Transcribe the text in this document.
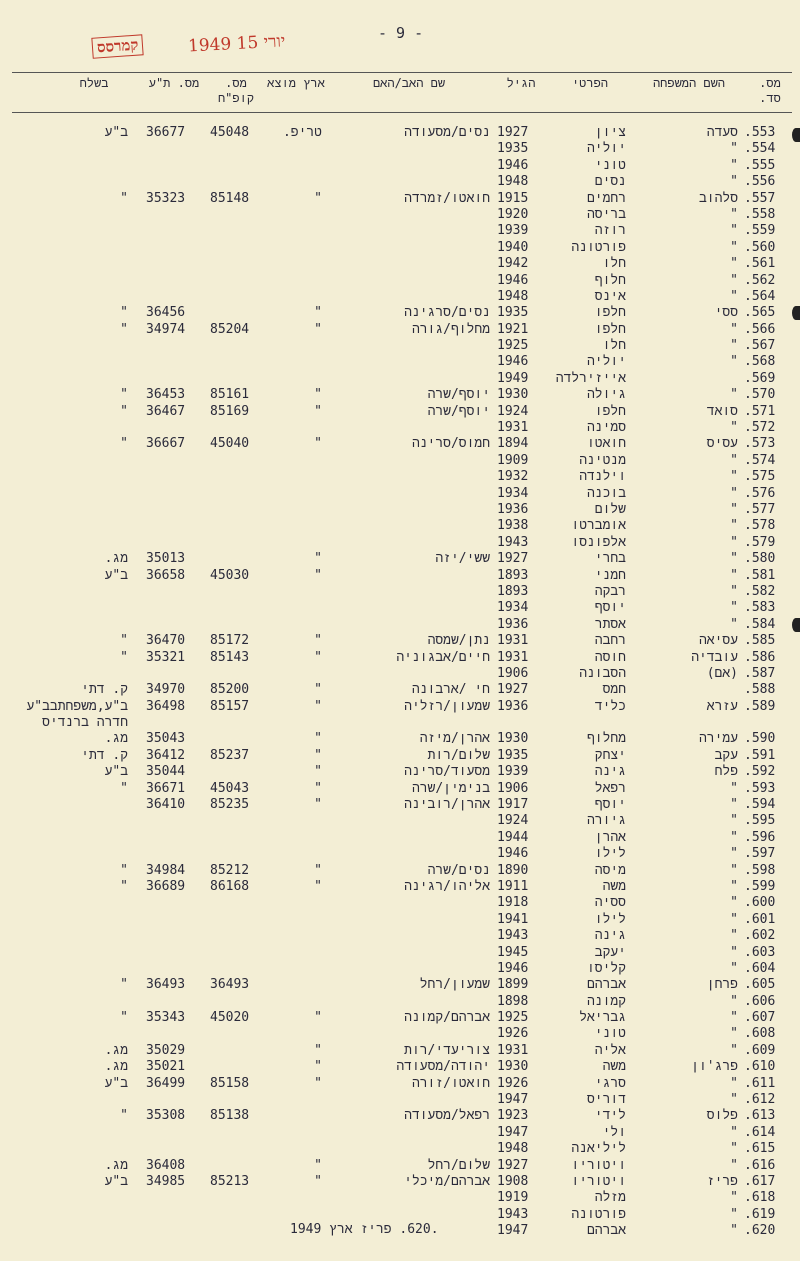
קמרסס	1949 יורי 15	- 9 -
מס. סד.
השם המשפחה
הפרטי
הגיל
שם האב/האם
ארץ מוצא
מס. קופ"ח
מס. ת"ע
בשלח
.553
סעדה
ציון
1927
נסים/מסעודה
טריפ.
45048
36677
ב"ע
.554
"
יוליה
1935
.555
"
טוני
1946
.556
"
נסים
1948
.557
סלהוב
רחמים
1915
חואטו/זמרדה
"
85148
35323
"
.558
"
בריסה
1920
.559
"
רוזה
1939
.560
"
פורטונה
1940
.561
"
חלו
1942
.562
"
חלוף
1946
.564
"
אינס
1948
.565
ססי
חלפו
1935
נסים/סרגינה
"
36456
"
.566
"
חלפו
1921
מחלוף/גורה
"
85204
34974
"
.567
"
חלו
1925
.568
"
יוליה
1946
.569
אייזירלדה
1949
.570
"
גיולה
1930
יוסף/שרה
"
85161
36453
"
.571
סואד
חלפו
1924
יוסף/שרה
"
85169
36467
"
.572
"
סמינה
1931
.573
עסיס
חואטו
1894
חמוס/סרינה
"
45040
36667
"
.574
"
מנטינה
1909
.575
"
וילנדה
1932
.576
"
בוכנה
1934
.577
"
שלום
1936
.578
"
אומברטו
1938
.579
"
אלפונסו
1943
.580
"
בחרי
1927
ששי/יזה
"
35013
מג.
.581
"
חמני
1893
"
45030
36658
ב"ע
.582
"
רבקה
1893
.583
"
יוסף
1934
.584
"
אסתר
1936
.585
עסיאה
רחבה
1931
נתן/שמסה
"
85172
36470
"
.586
עובדיה
חוסה
1931
חיים/אבגוניה
"
85143
35321
"
.587
(אם)
הסבונה
1906
.588
חמס
1927
חי /ארבונה
"
85200
34970
ק. דתי
.589
עזרא
כליד
1936
שמעון/רזליה
"
85157
36498
ב"ע,משפחתבב"ע
חדרה ברנדיס
.590
עמירה
מחלוף
1930
אהרן/מיזה
"
35043
מג.
.591
עקב
יצחק
1935
שלום/רות
"
85237
36412
ק. דתי
.592
פלח
גינה
1939
מסעוד/סרינה
"
35044
ב"ע
.593
"
רפאל
1906
בנימין/שרה
"
45043
36671
"
.594
"
יוסף
1917
אהרן/רובינה
"
85235
36410
.595
"
גיורה
1924
.596
"
אהרן
1944
.597
"
לילו
1946
.598
"
מיסה
1890
נסים/שרה
"
85212
34984
"
.599
"
משה
1911
אליהו/רגינה
"
86168
36689
"
.600
"
ססיה
1918
.601
"
לילו
1941
.602
"
גינה
1943
.603
"
יעקב
1945
.604
"
קליסו
1946
.605
פרחן
אברהם
1899
שמעון/רחל
36493
36493
"
.606
"
קמונה
1898
.607
"
גבריאל
1925
אברהם/קמונה
"
45020
35343
"
.608
"
טוני
1926
.609
"
אליה
1931
צוריעדי/רות
"
35029
מג.
.610
פרג'ון
משה
1930
יהודה/מסעודה
"
35021
מג.
.611
"
סרגי
1926
חואטו/זורה
"
85158
36499
ב"ע
.612
"
דוריס
1947
.613
פלוס
לידי
1923
רפאל/מסעודה
85138
35308
"
.614
"
ולי
1947
.615
"
ליליאנה
1948
.616
"
ויטוריו
1927
שלום/רחל
"
36408
מג.
.617
פריז
ויטוריו
1908
אברהם/מיכלי
"
85213
34985
ב"ע
.618
"
מזלה
1919
.619
"
פורטונה
1943
.620
"
אברהם
1947
.620. פריז ארץ 1949
